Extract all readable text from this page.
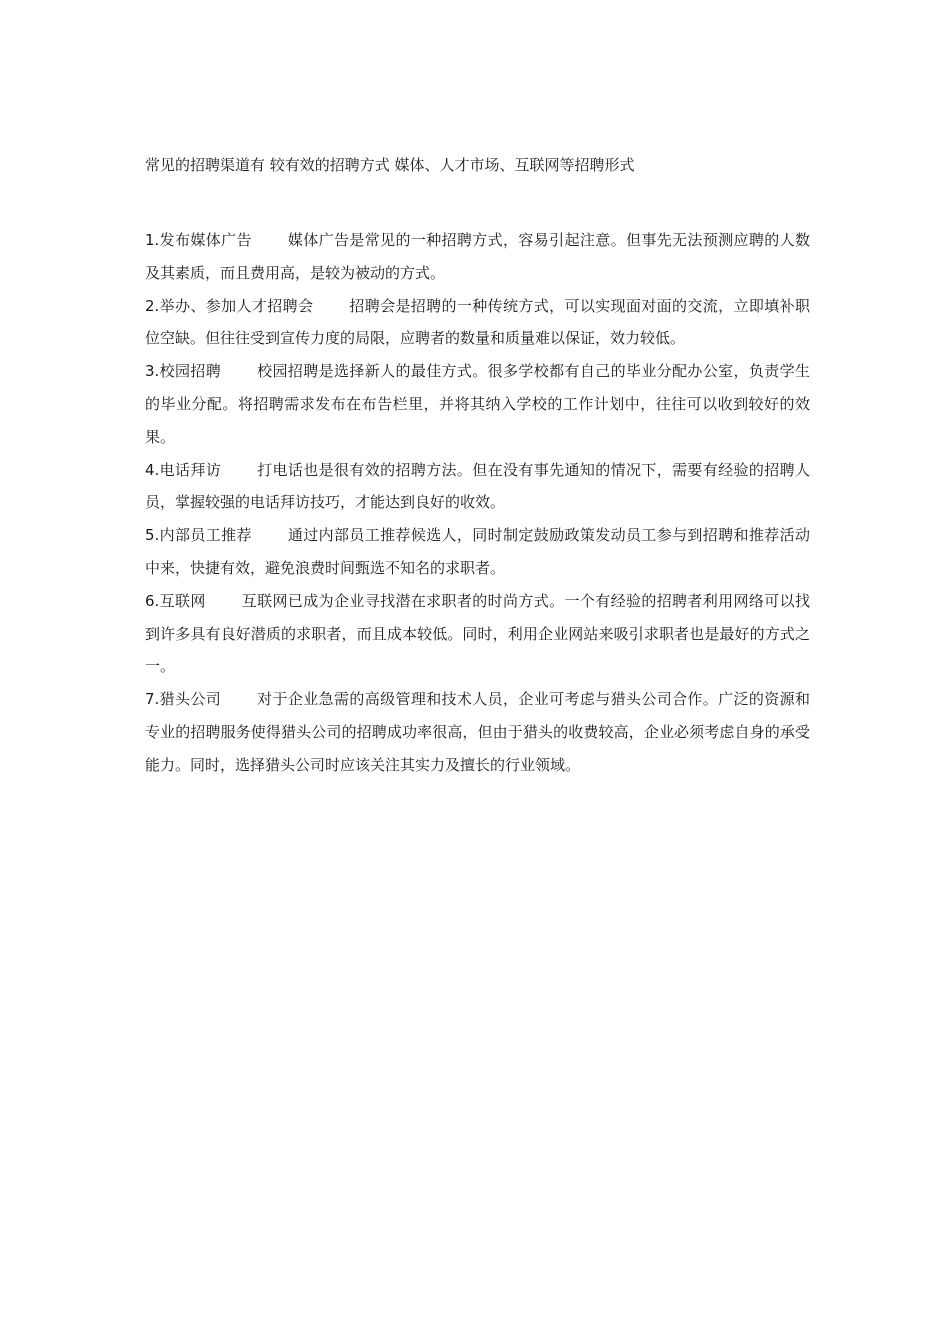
常见的招聘渠道有 较有效的招聘方式 媒体、人才市场、互联网等招聘形式

1.发布媒体广告 媒体广告是常见的一种招聘方式，容易引起注意。但事先无法预测应聘的人数及其素质，而且费用高，是较为被动的方式。

2.举办、参加人才招聘会 招聘会是招聘的一种传统方式，可以实现面对面的交流，立即填补职位空缺。但往往受到宣传力度的局限，应聘者的数量和质量难以保证，效力较低。

3.校园招聘 校园招聘是选择新人的最佳方式。很多学校都有自己的毕业分配办公室，负责学生的毕业分配。将招聘需求发布在布告栏里，并将其纳入学校的工作计划中，往往可以收到较好的效果。

4.电话拜访 打电话也是很有效的招聘方法。但在没有事先通知的情况下，需要有经验的招聘人员，掌握较强的电话拜访技巧，才能达到良好的收效。

5.内部员工推荐 通过内部员工推荐候选人，同时制定鼓励政策发动员工参与到招聘和推荐活动中来，快捷有效，避免浪费时间甄选不知名的求职者。

6.互联网 互联网已成为企业寻找潜在求职者的时尚方式。一个有经验的招聘者利用网络可以找到许多具有良好潜质的求职者，而且成本较低。同时，利用企业网站来吸引求职者也是最好的方式之一。

7.猎头公司 对于企业急需的高级管理和技术人员，企业可考虑与猎头公司合作。广泛的资源和专业的招聘服务使得猎头公司的招聘成功率很高，但由于猎头的收费较高，企业必须考虑自身的承受能力。同时，选择猎头公司时应该关注其实力及擅长的行业领域。
